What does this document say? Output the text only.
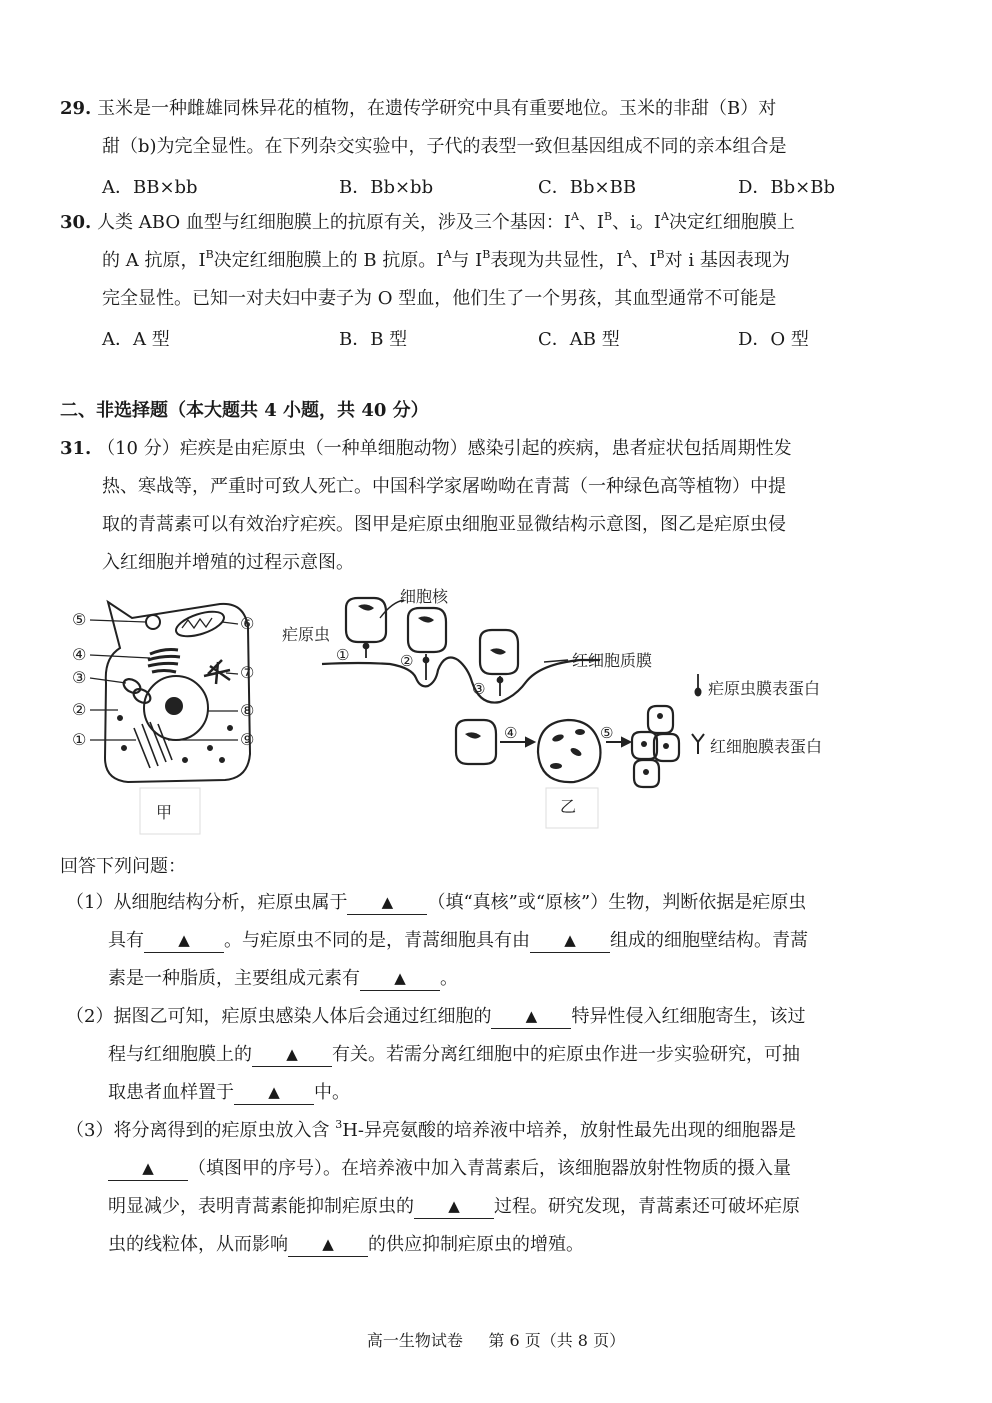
29. 玉米是一种雌雄同株异花的植物，在遗传学研究中具有重要地位。玉米的非甜（B）对
甜（b)为完全显性。在下列杂交实验中，子代的表型一致但基因组成不同的亲本组合是
A．BB×bb	B．Bb×bb	C．Bb×BB	D．Bb×Bb
30. 人类 ABO 血型与红细胞膜上的抗原有关，涉及三个基因：$I^A$、$I^B$、i。$I^A$决定红细胞膜上
的 A 抗原，$I^B$决定红细胞膜上的 B 抗原。$I^A$与 $I^B$表现为共显性，$I^A$、$I^B$对 i 基因表现为
完全显性。已知一对夫妇中妻子为 O 型血，他们生了一个男孩，其血型通常不可能是
A．A 型	B．B 型	C．AB 型	D．O 型
二、非选择题（本大题共 4 小题，共 40 分）
31. （10 分）疟疾是由疟原虫（一种单细胞动物）感染引起的疾病，患者症状包括周期性发
热、寒战等，严重时可致人死亡。中国科学家屠呦呦在青蒿（一种绿色高等植物）中提
取的青蒿素可以有效治疗疟疾。图甲是疟原虫细胞亚显微结构示意图，图乙是疟原虫侵
入红细胞并增殖的过程示意图。
⑤
④
③
②
①
⑥
⑦
⑧
⑨
甲
细胞核
疟原虫
红细胞质膜
①	②
③
④	⑤
乙
疟原虫膜表蛋白
红细胞膜表蛋白
回答下列问题：
（1）从细胞结构分析，疟原虫属于 ▲ （填“真核”或“原核”）生物，判断依据是疟原虫
具有 ▲ 。与疟原虫不同的是，青蒿细胞具有由 ▲ 组成的细胞壁结构。青蒿
素是一种脂质，主要组成元素有 ▲ 。
（2）据图乙可知，疟原虫感染人体后会通过红细胞的 ▲ 特异性侵入红细胞寄生，该过
程与红细胞膜上的 ▲ 有关。若需分离红细胞中的疟原虫作进一步实验研究，可抽
取患者血样置于 ▲ 中。
（3）将分离得到的疟原虫放入含 $^3$H-异亮氨酸的培养液中培养，放射性最先出现的细胞器是
▲ （填图甲的序号）。在培养液中加入青蒿素后，该细胞器放射性物质的摄入量
明显减少，表明青蒿素能抑制疟原虫的 ▲ 过程。研究发现，青蒿素还可破坏疟原
虫的线粒体，从而影响 ▲ 的供应抑制疟原虫的增殖。
高一生物试卷 第 6 页（共 8 页）
